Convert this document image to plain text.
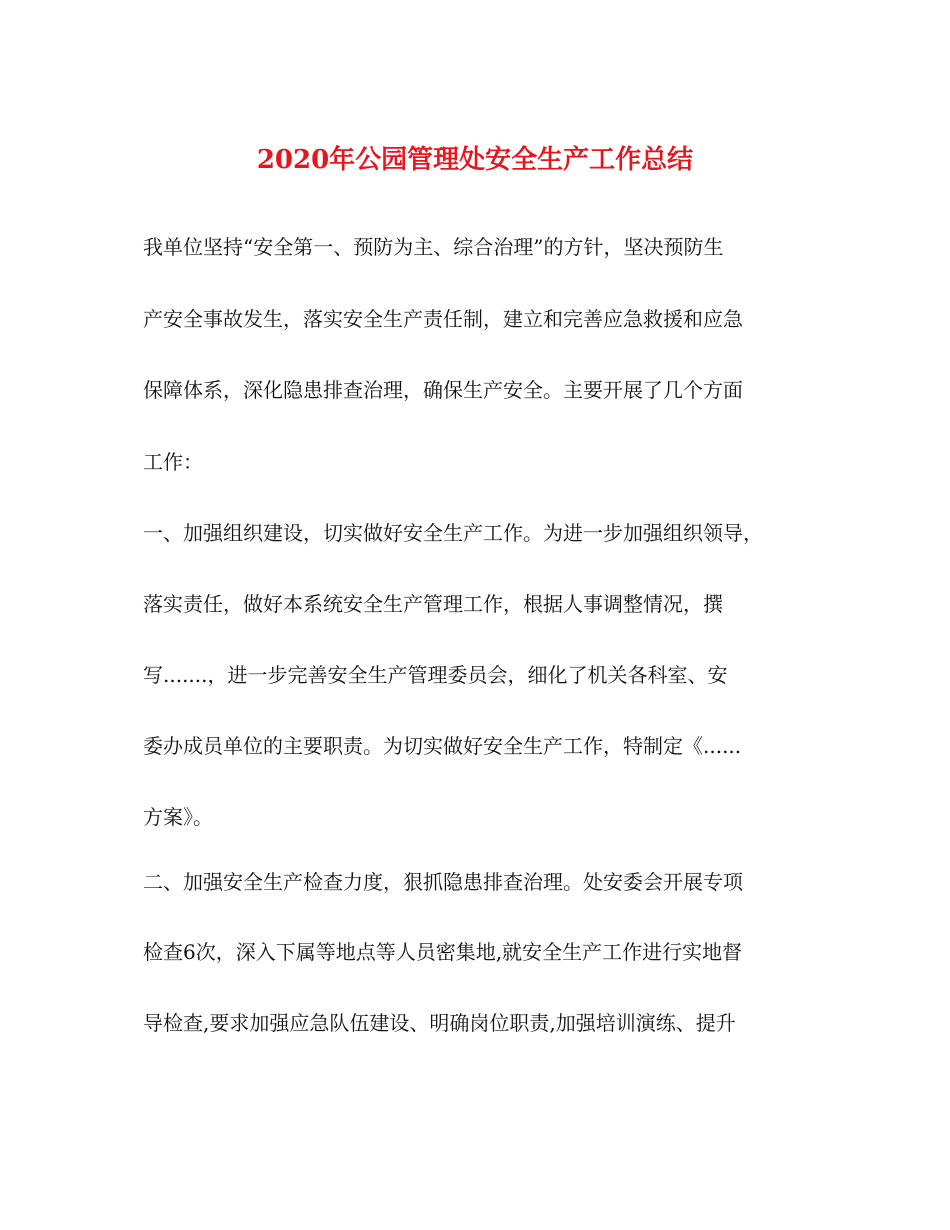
2020年公园管理处安全生产工作总结

我单位坚持“安全第一、预防为主、综合治理”的方针，坚决预防生

产安全事故发生，落实安全生产责任制，建立和完善应急救援和应急

保障体系，深化隐患排查治理，确保生产安全。主要开展了几个方面

工作：

一、加强组织建设，切实做好安全生产工作。为进一步加强组织领导，

落实责任，做好本系统安全生产管理工作，根据人事调整情况，撰

写.......，进一步完善安全生产管理委员会，细化了机关各科室、安

委办成员单位的主要职责。为切实做好安全生产工作，特制定《......

方案》。

二、加强安全生产检查力度，狠抓隐患排查治理。处安委会开展专项

检查6次，深入下属等地点等人员密集地,就安全生产工作进行实地督

导检查,要求加强应急队伍建设、明确岗位职责,加强培训演练、提升
